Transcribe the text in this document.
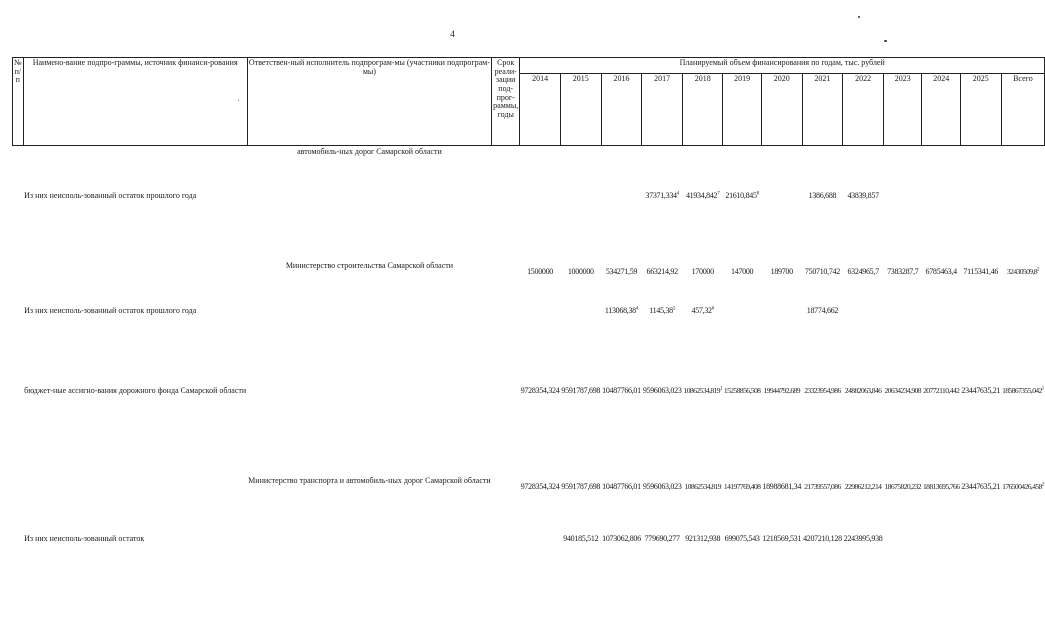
4
№ п/п	Наимено-вание подпро-граммы, источник финанси-рования	Ответствен-ный исполнитель подпрограм-мы (участники подпрограм-мы)	Срок реали-зации под-прог-раммы, годы	Планируемый объем финансирования по годам, тыс. рублей												
				2014	2015	2016	2017	2018	2019	2020	2021	2022	2023	2024	2025	Всего
		автомобиль-ных дорог Самарской области														
	Из них неисполь-зованный остаток прошлого года						37371,334$^4$	41934,842$^7$	21610,845$^8$		1386,688	43839,857				
		Министерство строительства Самарской области		1500000	1000000	534271,59	663214,92	170000	147000	189700	750710,742	6324965,7	7383287,7	6785463,4	7115341,46	32430509,8$^2$
	Из них неисполь-зованный остаток прошлого года					113068,38$^4$	1145,38$^5$	457,32$^6$			18774,662					
	бюджет-ные ассигно-вания дорожного фонда Самарской области			9728354,324	9591787,698	10487766,01	9596063,023	10862534,819$^1$	15258856,508	19944792,689	23323954,986	24882063,846	20634234,908	20772110,442	23447635,21	185867355,042$^1$
		Министерство транспорта и автомобиль-ных дорог Самарской области		9728354,324	9591787,698	10487766,01	9596063,023	10862534,819	14197769,408	18988681,34	21739557,086	22986212,214	18675820,232	18813695,766	23447635,21	176500426,458$^2$
	Из них неисполь-зованный остаток				940185,512	1073062,806	779690,277	921312,938	699075,543	1218569,531	4207210,128	2243995,938				
